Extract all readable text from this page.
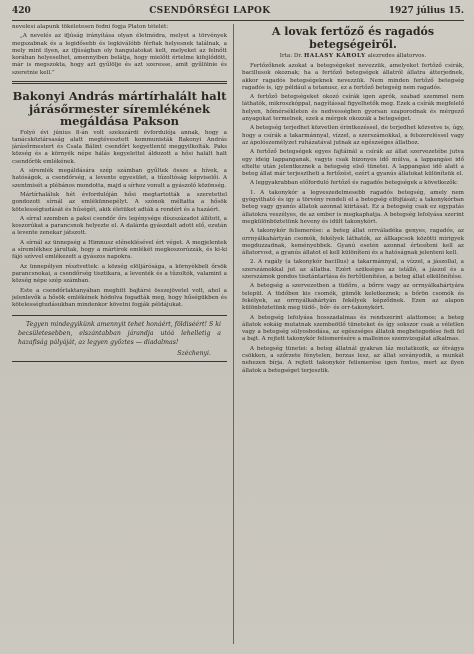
420	CSENDŐRSÉGI LAPOK	1927 július 15.

nevelési alapunk tökéletesen fedni fogja Platon tételét:

„A nevelés az ifjúság irányítása olyan életmódra, melyet a törvények megszabnak és a legidősebb és legkiválóbb férfiak helyesnek találnak, a mely mint ilyen, az ifjúságban oly hangulatokat kelt, melyeket az felnőtt korában helyeselhet, amennyiben belátja, hogy mielőtt értelme kifejlődött, már is megszokta, hogy azt gyűlölje és azt szeresse, amit gyűlölnie és szeretnie kell.”

Bakonyi András mártírhalált halt járásőrmester síremlékének megáldása Pakson

Folyó évi június 8-án volt szekszárdi évfordulója annak, hogy a tanácsköztársaság alatt megtévesztett kommunisták Bakonyi András járásőrmestert és Csala Bálint csendőrt kegyetlenül meggyilkolták. Paks község és a környék népe hálás kegyelettel áldozott a hősi halált halt csendőrök emlékének.

A síremlék megáldására szép számban gyűltek össze a hívek, a hatóságok, a csendőrség, a levente egyesület, a tűzoltóság képviselői. A szentmisét a plébános mondotta, majd a sírhoz vonult a gyászoló közönség.

Mártírhaláluk hét évfordulóján hősi megtartották a szeretettel gondozott sírnál az emlékünnepélyt. A szónok méltatta a hősök kötelességtudását és hűségét, akik életüket adták a rendért és a hazáért.

A sírral szemben a paksi csendőr őrs legénysége díszszázadot állított, a koszorúkat a parancsnok helyezte el. A dalárda gyászdalt adott elő, ezután a levente zenekar játszott.

A sírnál az ünnepség a Himnusz eléneklésével ért véget. A megjelentek a síremlékhez járultak, hogy a mártírok emlékét megkoszorúzzák, és ki-ki fájó szívvel emlékezett a gyászos napokra.

Az ünnepélyen résztvettek: a község elöljárósága, a környékbeli őrsök parancsnokai, a csendőrség tisztikara, a leventék és a tűzoltók, valamint a község népe szép számban.

Este a csendőrlaktanyában meghitt bajtársi összejövetel volt, ahol a jelenlevők a hősök emlékének hódolva fogadták meg, hogy hűségükben és kötelességtudásukban mindenkor követni fogják példájukat.

Tegyen mindegyikünk amennyit tehet honáért, földiséért! S ki becsületesebben, elszántabban járandja utóá lehelletig a hazafiság pályáját, az legyen győztes — diadalmas!

Széchenyi.
A lovak fertőző és ragadós betegségeiről.
Irta: Dr. HALASY KÁROLY alezredes állatorvos.

Fertőzőknek azokat a betegségeket nevezzük, amelyeket fertőző csírák, bacillusok okoznak; ha a fertőző betegségek állatról állatra átterjednek, akkor ragadós betegségeknek nevezzük. Nem minden fertőző betegség ragadós is, így például a tetanusz, ez a fertőző betegség nem ragadós.

A fertőző betegségeket okozó csírák igen aprók, szabad szemmel nem láthatók, mikroszkóppal, nagyítással figyelhetők meg. Ezek a csírák megfelelő helyen, hőmérsékleten és nedvességben gyorsan szaporodnak és mérgező anyagokat termelnek, ezek a mérgek okozzák a betegséget.

A betegség terjedhet közvetlen érintkezéssel, de terjedhet közvetve is, úgy, hogy a csírák a takarmánnyal, vízzel, a szerszámokkal, a felszereléssel vagy az ápolószemélyzet ruházatával jutnak az egészséges állathoz.

A fertőző betegségek egyes fajtáinál a csírák az állat szervezetébe jutva egy ideig lappanganak, vagyis csak bizonyos idő múlva, a lappangási idő eltelte után jelentkeznek a betegség első tünetei. A lappangási idő alatt a beteg állat már terjesztheti a fertőzést, ezért a gyanús állatokat különítsük el.

A leggyakrabban előforduló fertőző és ragadós betegségek a következők:

1. A takonykór a legveszedelmesebb ragadós betegség, amely nem gyógyítható és igy a törvény rendeli el a betegség elfojtását; a takonykórban beteg vagy gyanús állatok azonnal kiirtását. Ez a betegség csak ez egypatás állatokra veszélyes, de az ember is megkaphatja. A betegség lefolyása szerint megkülönböztetünk heveny és idült takonykórt.

A takonykór felismerése: a beteg állat orrváladéka genyes, ragadós, az orrnyálkahártyán csomók, fekélyek láthatók, az állkapcsok közötti mirigyek megduzzadnak, keményebbek. Gyanú esetén azonnal értesíteni kell az állatorvost, a gyanús állatot el kell különíteni és a hatóságnak jelenteni kell.

2. A ragály (a takonykór bacillus) a takarmánnyal, a vízzel, a jászollal, a szerszámokkal jut az állatba. Ezért szükséges az istálló, a jászol és a szerszámok gondos tisztántartása és fertőtlenítése, a beteg állat elkülönítése.

A betegség a szervezetben a tüdőre, a bőrre vagy az orrnyálkahártyára települ. A tüdőben kis csomók, gümők keletkeznek; a bőrön csomók és fekélyek, az orrnyálkahártyán fekélyek képződnek. Ezen az alapon különböztetünk meg tüdő-, bőr- és orr-takonykórt.

A betegség lefolyása hosszadalmas és rendszerint alattomos; a beteg állatok sokáig mutatnak szembeötlő tüneteket és így sokszor csak a véletlen vagy a betegség súlyosbodása, az egészséges állatok megbetegedése fedi fel a bajt. A rejtett takonykór felismerésére a malleinos szemvizsgálat alkalmas.

A betegség tünetei: a beteg állatnál gyakran láz mutatkozik, az étvágya csökken, a szőrzete fénytelen, borzas lesz, az állat soványodik, a munkát nehezen bírja. A rejtett takonykór felismerése igen fontos, mert az ilyen állatok a betegséget terjesztik.
